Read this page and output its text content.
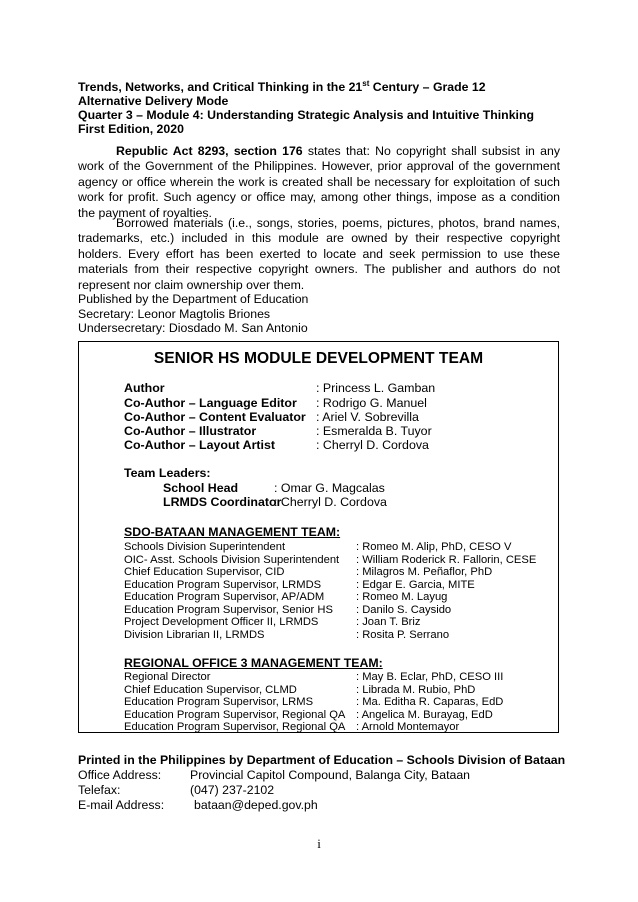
Trends, Networks, and Critical Thinking in the 21st Century – Grade 12
Alternative Delivery Mode
Quarter 3 – Module 4: Understanding Strategic Analysis and Intuitive Thinking
First Edition, 2020
Republic Act 8293, section 176 states that: No copyright shall subsist in any work of the Government of the Philippines. However, prior approval of the government agency or office wherein the work is created shall be necessary for exploitation of such work for profit. Such agency or office may, among other things, impose as a condition the payment of royalties.
Borrowed materials (i.e., songs, stories, poems, pictures, photos, brand names, trademarks, etc.) included in this module are owned by their respective copyright holders. Every effort has been exerted to locate and seek permission to use these materials from their respective copyright owners. The publisher and authors do not represent nor claim ownership over them.
Published by the Department of Education
Secretary: Leonor Magtolis Briones
Undersecretary: Diosdado M. San Antonio
SENIOR HS MODULE DEVELOPMENT TEAM
Author	: Princess L. Gamban
Co-Author – Language Editor : Rodrigo G. Manuel
Co-Author – Content Evaluator : Ariel V. Sobrevilla
Co-Author – Illustrator	: Esmeralda B. Tuyor
Co-Author – Layout Artist	: Cherryl D. Cordova
Team Leaders:
School Head	: Omar G. Magcalas
LRMDS Coordinator
: Cherryl D. Cordova
SDO-BATAAN MANAGEMENT TEAM:
Schools Division Superintendent	: Romeo M. Alip, PhD, CESO V
OIC- Asst. Schools Division Superintendent : William Roderick R. Fallorin, CESE
Chief Education Supervisor, CID	: Milagros M. Peñaflor, PhD
Education Program Supervisor, LRMDS	: Edgar E. Garcia, MITE
Education Program Supervisor, AP/ADM	: Romeo M. Layug
Education Program Supervisor, Senior HS : Danilo S. Caysido
Project Development Officer II, LRMDS	: Joan T. Briz
Division Librarian II, LRMDS	: Rosita P. Serrano
REGIONAL OFFICE 3 MANAGEMENT TEAM:
Regional Director	: May B. Eclar, PhD, CESO III
Chief Education Supervisor, CLMD	: Librada M. Rubio, PhD
Education Program Supervisor, LRMS	: Ma. Editha R. Caparas, EdD
Education Program Supervisor, Regional QA : Angelica M. Burayag, EdD
Education Program Supervisor, Regional QA : Arnold Montemayor
Printed in the Philippines by Department of Education – Schools Division of Bataan
Office Address: Provincial Capitol Compound, Balanga City, Bataan
Telefax:	(047) 237-2102
E-mail Address: bataan@deped.gov.ph
i
